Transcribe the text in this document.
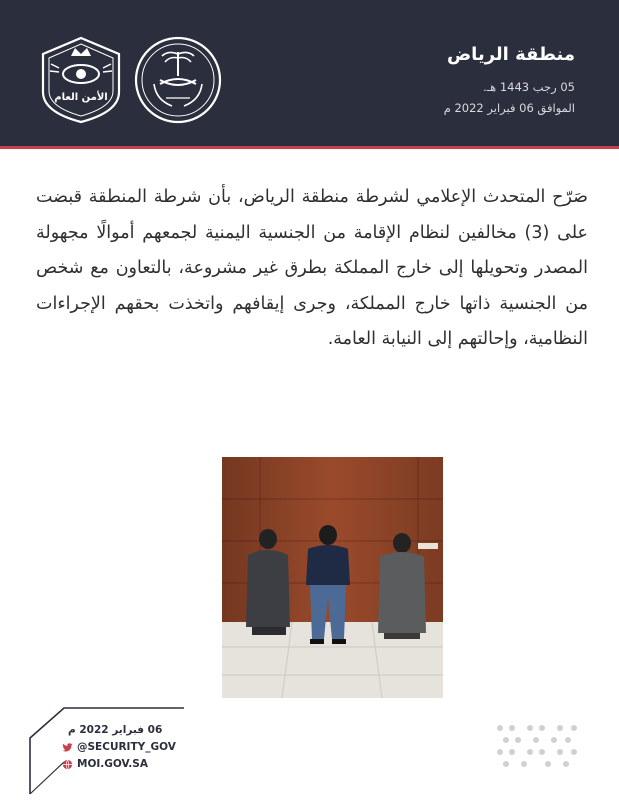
الأمن العام
منطقة الرياض
05 رجب 1443 هـ.
الموافق 06 فبراير 2022 م
صَرّح المتحدث الإعلامي لشرطة منطقة الرياض، بأن شرطة المنطقة قبضت على (3) مخالفين لنظام الإقامة من الجنسية اليمنية لجمعهم أموالًا مجهولة المصدر وتحويلها إلى خارج المملكة بطرق غير مشروعة، بالتعاون مع شخص من الجنسية ذاتها خارج المملكة، وجرى إيقافهم واتخذت بحقهم الإجراءات النظامية، وإحالتهم إلى النيابة العامة.
06 فبراير 2022 م
@SECURITY_GOV
MOI.GOV.SA
